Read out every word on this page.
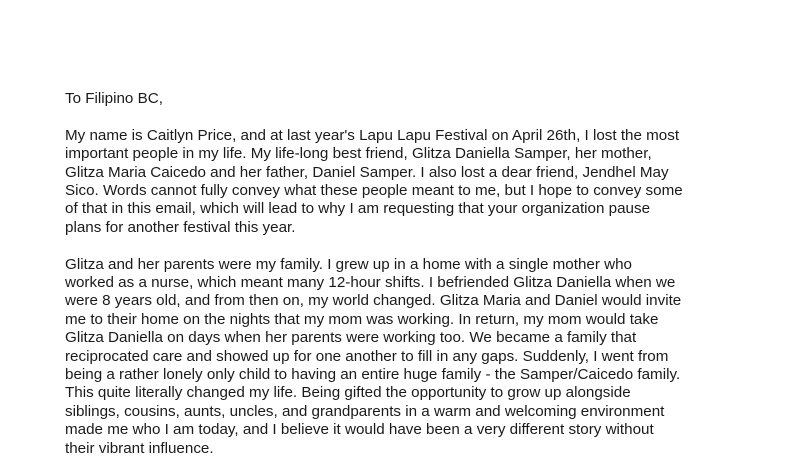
To Filipino BC,

My name is Caitlyn Price, and at last year's Lapu Lapu Festival on April 26th, I lost the most
important people in my life. My life-long best friend, Glitza Daniella Samper, her mother,
Glitza Maria Caicedo and her father, Daniel Samper. I also lost a dear friend, Jendhel May
Sico. Words cannot fully convey what these people meant to me, but I hope to convey some
of that in this email, which will lead to why I am requesting that your organization pause
plans for another festival this year.

Glitza and her parents were my family. I grew up in a home with a single mother who
worked as a nurse, which meant many 12-hour shifts. I befriended Glitza Daniella when we
were 8 years old, and from then on, my world changed. Glitza Maria and Daniel would invite
me to their home on the nights that my mom was working. In return, my mom would take
Glitza Daniella on days when her parents were working too. We became a family that
reciprocated care and showed up for one another to fill in any gaps. Suddenly, I went from
being a rather lonely only child to having an entire huge family - the Samper/Caicedo family.
This quite literally changed my life. Being gifted the opportunity to grow up alongside
siblings, cousins, aunts, uncles, and grandparents in a warm and welcoming environment
made me who I am today, and I believe it would have been a very different story without
their vibrant influence.
